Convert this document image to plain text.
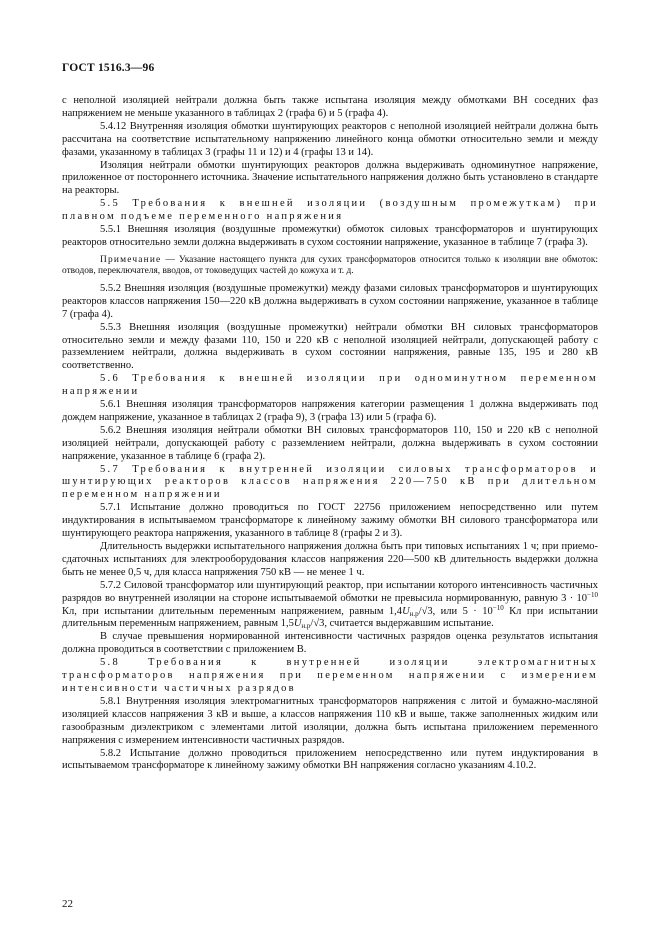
ГОСТ 1516.3—96

с неполной изоляцией нейтрали должна быть также испытана изоляция между обмотками ВН соседних фаз напряжением не меньше указанного в таблицах 2 (графа 6) и 5 (графа 4).

5.4.12 Внутренняя изоляция обмотки шунтирующих реакторов с неполной изоляцией нейтрали должна быть рассчитана на соответствие испытательному напряжению линейного конца обмотки относительно земли и между фазами, указанному в таблицах 3 (графы 11 и 12) и 4 (графы 13 и 14).

Изоляция нейтрали обмотки шунтирующих реакторов должна выдерживать одноминутное напряжение, приложенное от постороннего источника. Значение испытательного напряжения должно быть установлено в стандарте на реакторы.

5.5 Требования к внешней изоляции (воздушным промежуткам) при плавном подъеме переменного напряжения

5.5.1 Внешняя изоляция (воздушные промежутки) обмоток силовых трансформаторов и шунтирующих реакторов относительно земли должна выдерживать в сухом состоянии напряжение, указанное в таблице 7 (графа 3).

Примечание — Указание настоящего пункта для сухих трансформаторов относится только к изоляции вне обмоток: отводов, переключателя, вводов, от токоведущих частей до кожуха и т. д.

5.5.2 Внешняя изоляция (воздушные промежутки) между фазами силовых трансформаторов и шунтирующих реакторов классов напряжения 150—220 кВ должна выдерживать в сухом состоянии напряжение, указанное в таблице 7 (графа 4).

5.5.3 Внешняя изоляция (воздушные промежутки) нейтрали обмотки ВН силовых трансформаторов относительно земли и между фазами 110, 150 и 220 кВ с неполной изоляцией нейтрали, допускающей работу с разземлением нейтрали, должна выдерживать в сухом состоянии напряжения, равные 135, 195 и 280 кВ соответственно.

5.6 Требования к внешней изоляции при одноминутном переменном напряжении

5.6.1 Внешняя изоляция трансформаторов напряжения категории размещения 1 должна выдерживать под дождем напряжение, указанное в таблицах 2 (графа 9), 3 (графа 13) или 5 (графа 6).

5.6.2 Внешняя изоляция нейтрали обмотки ВН силовых трансформаторов 110, 150 и 220 кВ с неполной изоляцией нейтрали, допускающей работу с разземлением нейтрали, должна выдерживать в сухом состоянии напряжение, указанное в таблице 6 (графа 2).

5.7 Требования к внутренней изоляции силовых трансформаторов и шунтирующих реакторов классов напряжения 220—750 кВ при длительном переменном напряжении

5.7.1 Испытание должно проводиться по ГОСТ 22756 приложением непосредственно или путем индуктирования в испытываемом трансформаторе к линейному зажиму обмотки ВН силового трансформатора или шунтирующего реактора напряжения, указанного в таблице 8 (графы 2 и 3).

Длительность выдержки испытательного напряжения должна быть при типовых испытаниях 1 ч; при приемо-сдаточных испытаниях для электрооборудования классов напряжения 220—500 кВ длительность выдержки должна быть не менее 0,5 ч, для класса напряжения 750 кВ — не менее 1 ч.

5.7.2 Силовой трансформатор или шунтирующий реактор, при испытании которого интенсивность частичных разрядов во внутренней изоляции на стороне испытываемой обмотки не превысила нормированную, равную $3 \cdot 10^{-10}$ Кл, при испытании длительным переменным напряжением, равным $1,4U_{н.р}/√3$, или $5 \cdot 10^{-10}$ Кл при испытании длительным переменным напряжением, равным $1,5U_{н.р}/√3$, считается выдержавшим испытание.

В случае превышения нормированной интенсивности частичных разрядов оценка результатов испытания должна проводиться в соответствии с приложением В.

5.8 Требования к внутренней изоляции электромагнитных трансформаторов напряжения при переменном напряжении с измерением интенсивности частичных разрядов

5.8.1 Внутренняя изоляция электромагнитных трансформаторов напряжения с литой и бумажно-масляной изоляцией классов напряжения 3 кВ и выше, а классов напряжения 110 кВ и выше, также заполненных жидким или газообразным диэлектриком с элементами литой изоляции, должна быть испытана приложением переменного напряжения с измерением интенсивности частичных разрядов.

5.8.2 Испытание должно проводиться приложением непосредственно или путем индуктирования в испытываемом трансформаторе к линейному зажиму обмотки ВН напряжения согласно указаниям 4.10.2.

22
